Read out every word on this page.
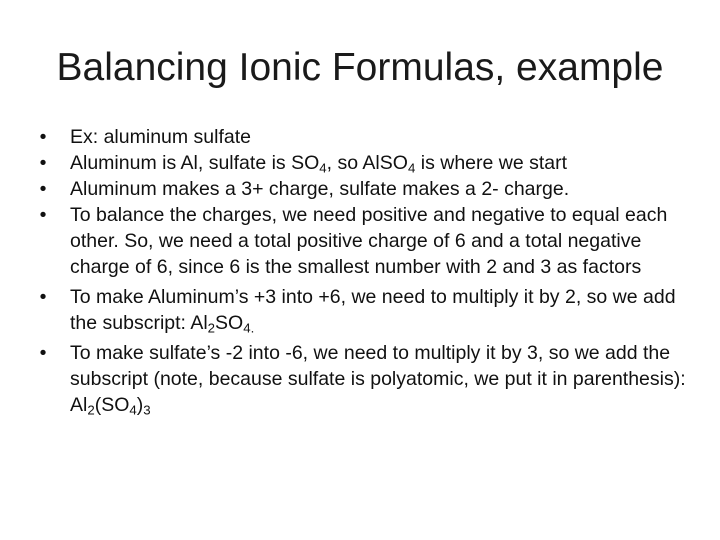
Balancing Ionic Formulas, example
• Ex: aluminum sulfate
• Aluminum is Al, sulfate is $SO_4$, so AlSO$_4$ is where we start
• Aluminum makes a 3+ charge, sulfate makes a 2- charge.
• To balance the charges, we need positive and negative to equal each other. So, we need a total positive charge of 6 and a total negative charge of 6, since 6 is the smallest number with 2 and 3 as factors
• To make Aluminum’s +3 into +6, we need to multiply it by 2, so we add the subscript: $Al_2SO_{4.}$
• To make sulfate’s -2 into -6, we need to multiply it by 3, so we add the subscript (note, because sulfate is polyatomic, we put it in parenthesis): $Al_2(SO_4)_3$
